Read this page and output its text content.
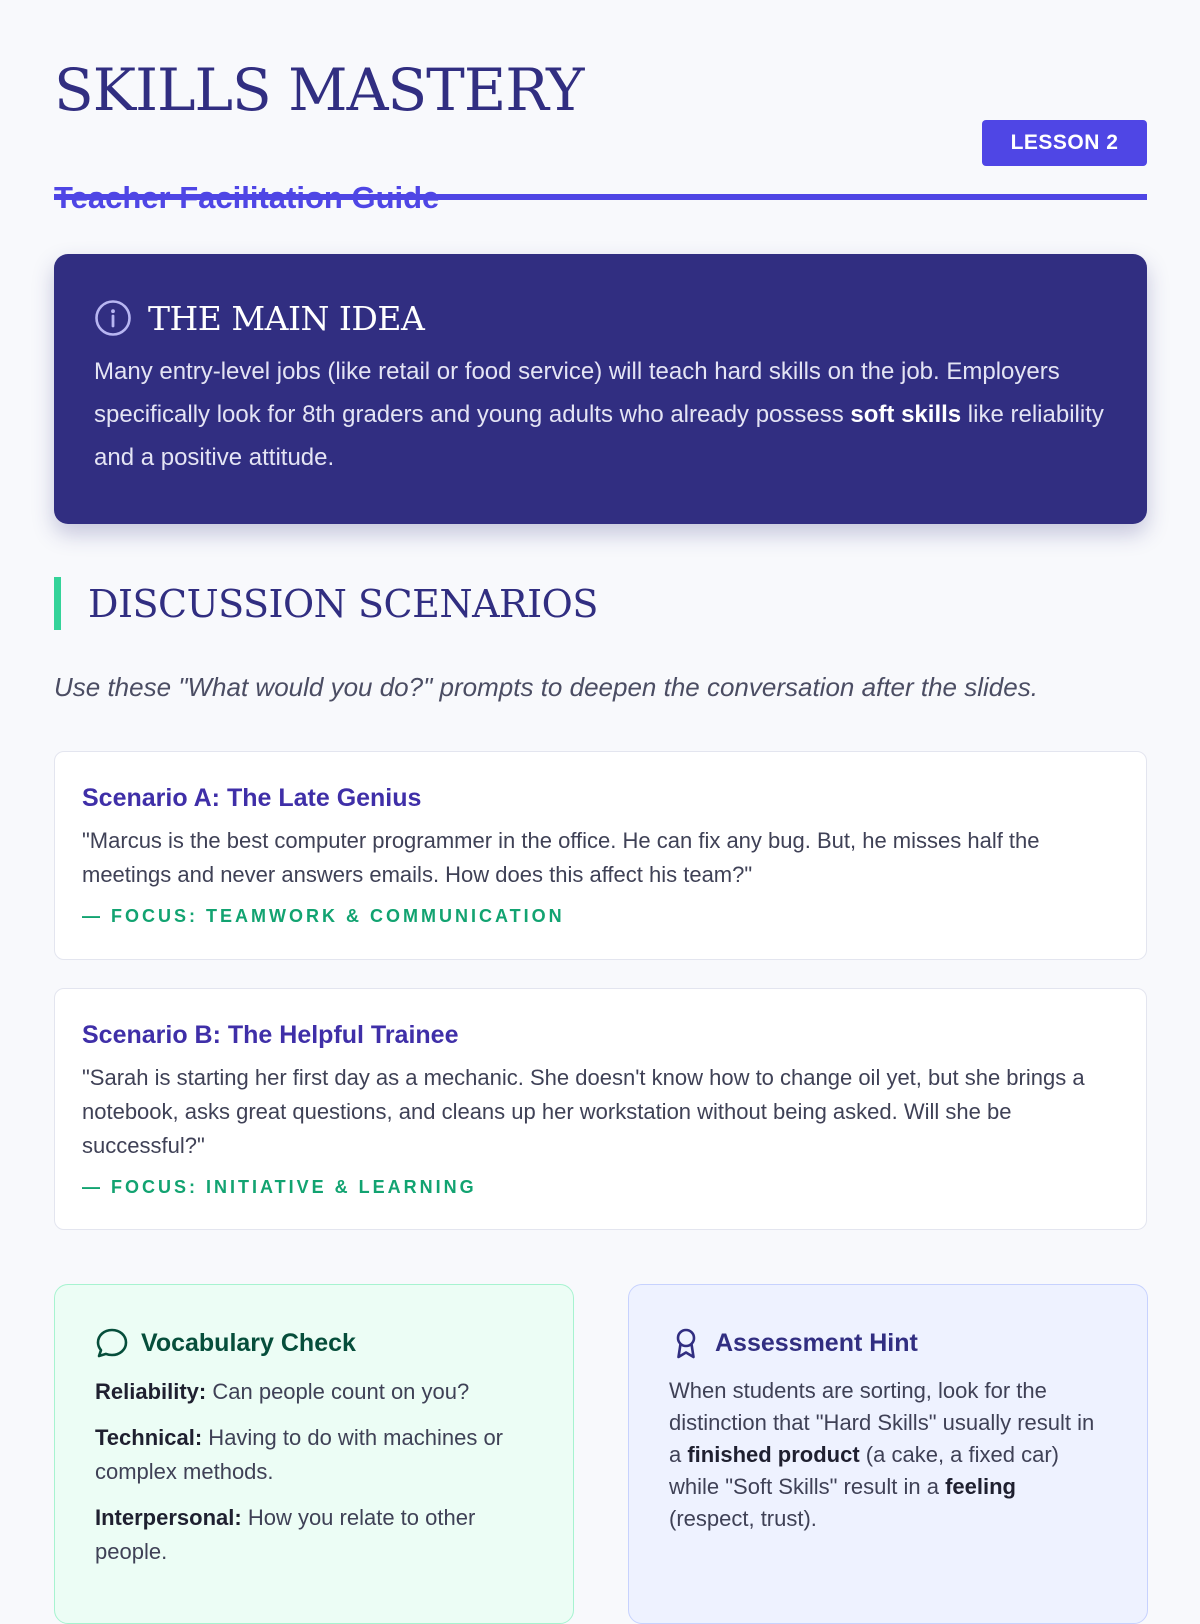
SKILLS MASTERY
LESSON 2
THE MAIN IDEA

Many entry-level jobs (like retail or food service) will teach hard skills on the job. Employers specifically look for 8th graders and young adults who already possess soft skills like reliability and a positive attitude.

DISCUSSION SCENARIOS

Use these "What would you do?" prompts to deepen the conversation after the slides.

Scenario A: The Late Genius

"Marcus is the best computer programmer in the office. He can fix any bug. But, he misses half the meetings and never answers emails. How does this affect his team?"

— FOCUS: TEAMWORK & COMMUNICATION

Scenario B: The Helpful Trainee

"Sarah is starting her first day as a mechanic. She doesn't know how to change oil yet, but she brings a notebook, asks great questions, and cleans up her workstation without being asked. Will she be successful?"

— FOCUS: INITIATIVE & LEARNING

Vocabulary Check

Reliability: Can people count on you?

Technical: Having to do with machines or complex methods.

Interpersonal: How you relate to other people.

Assessment Hint

When students are sorting, look for the distinction that "Hard Skills" usually result in a finished product (a cake, a fixed car) while "Soft Skills" result in a feeling (respect, trust).
